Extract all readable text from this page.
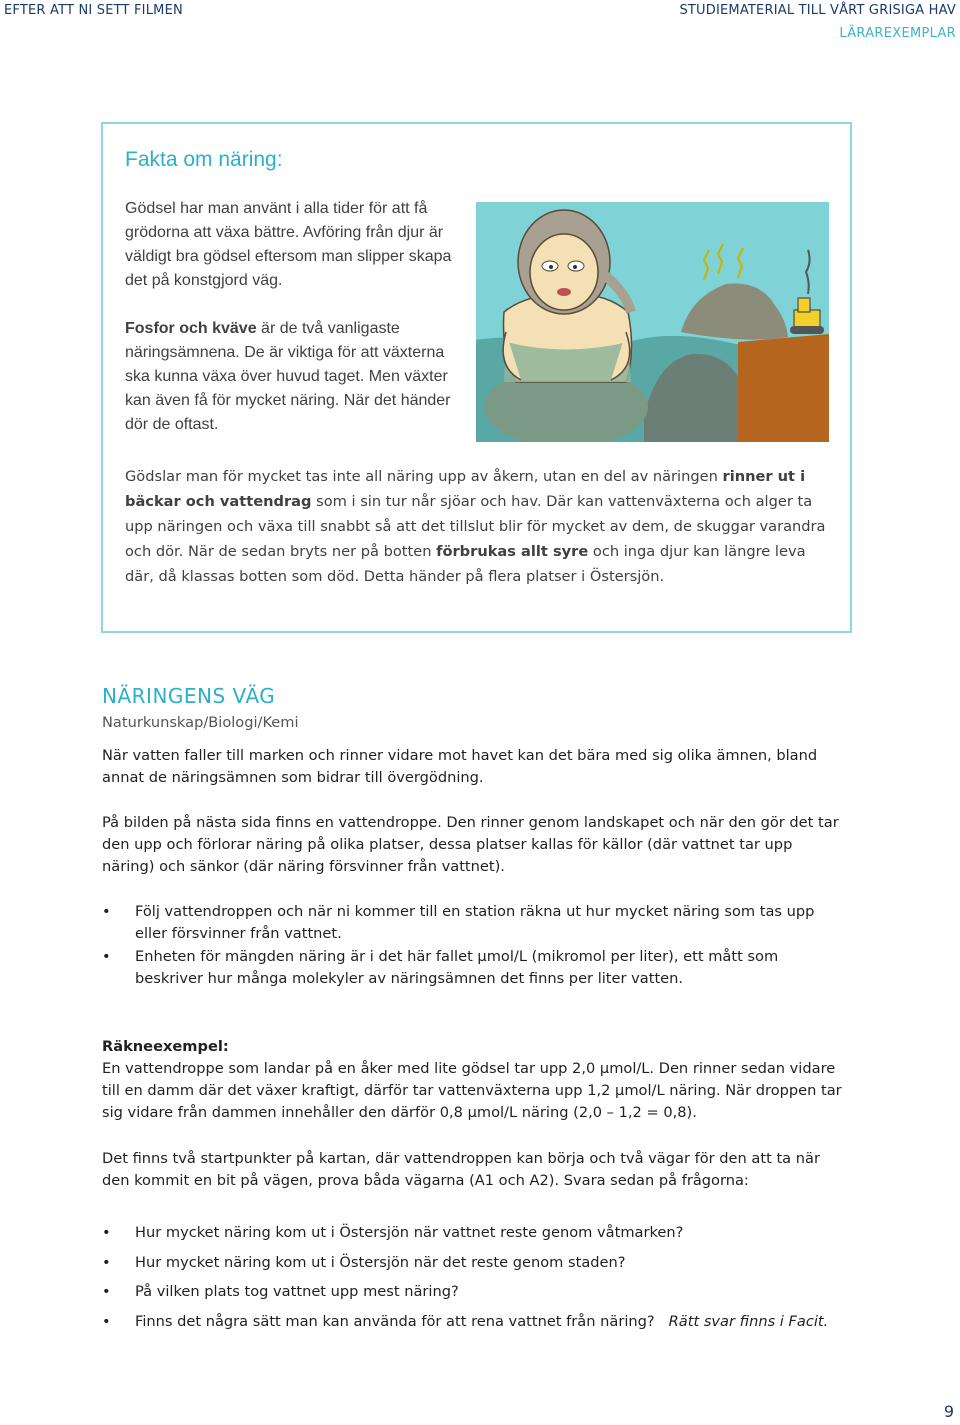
EFTER ATT NI SETT FILMEN	STUDIEMATERIAL TILL VÅRT GRISIGA HAV
LÄRAREXEMPLAR
Fakta om näring:

Gödsel har man använt i alla tider för att få grödorna att växa bättre. Avföring från djur är väldigt bra gödsel eftersom man slipper skapa det på konstgjord väg.

Fosfor och kväve är de två vanligaste näringsämnena. De är viktiga för att växterna ska kunna växa över huvud taget. Men växter kan även få för mycket näring. När det händer dör de oftast.

Gödslar man för mycket tas inte all näring upp av åkern, utan en del av näringen rinner ut i bäckar och vattendrag som i sin tur når sjöar och hav. Där kan vattenväxterna och alger ta upp näringen och växa till snabbt så att det tillslut blir för mycket av dem, de skuggar varandra och dör. När de sedan bryts ner på botten förbrukas allt syre och inga djur kan längre leva där, då klassas botten som död. Detta händer på flera platser i Östersjön.

NÄRINGENS VÄG
Naturkunskap/Biologi/Kemi

När vatten faller till marken och rinner vidare mot havet kan det bära med sig olika ämnen, bland annat de näringsämnen som bidrar till övergödning.

På bilden på nästa sida finns en vattendroppe. Den rinner genom landskapet och när den gör det tar den upp och förlorar näring på olika platser, dessa platser kallas för källor (där vattnet tar upp näring) och sänkor (där näring försvinner från vattnet).

• Följ vattendroppen och när ni kommer till en station räkna ut hur mycket näring som tas upp eller försvinner från vattnet.
• Enheten för mängden näring är i det här fallet µmol/L (mikromol per liter), ett mått som beskriver hur många molekyler av näringsämnen det finns per liter vatten.

Räkneexempel:

En vattendroppe som landar på en åker med lite gödsel tar upp 2,0 µmol/L. Den rinner sedan vidare till en damm där det växer kraftigt, därför tar vattenväxterna upp 1,2 µmol/L näring. När droppen tar sig vidare från dammen innehåller den därför 0,8 µmol/L näring (2,0 – 1,2 = 0,8).

Det finns två startpunkter på kartan, där vattendroppen kan börja och två vägar för den att ta när den kommit en bit på vägen, prova båda vägarna (A1 och A2). Svara sedan på frågorna:

• Hur mycket näring kom ut i Östersjön när vattnet reste genom våtmarken?
• Hur mycket näring kom ut i Östersjön när det reste genom staden?
• På vilken plats tog vattnet upp mest näring?
• Finns det några sätt man kan använda för att rena vattnet från näring? Rätt svar finns i Facit.
9
